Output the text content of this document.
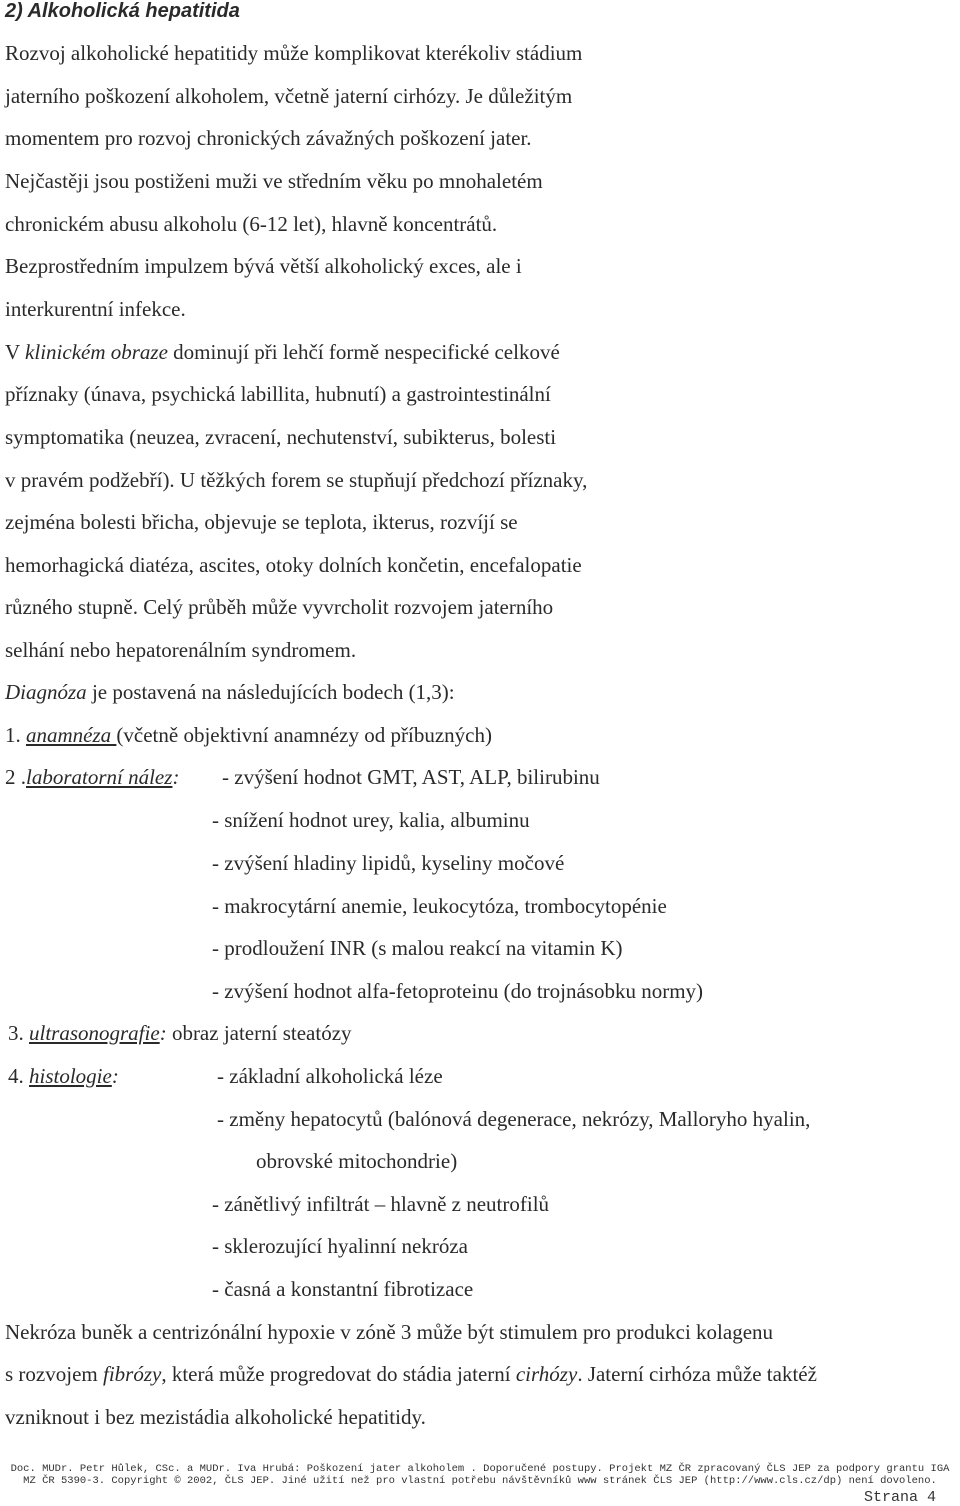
2) Alkoholická hepatitida
Rozvoj alkoholické hepatitidy může komplikovat kterékoliv stádium
jaterního poškození alkoholem, včetně jaterní cirhózy. Je důležitým
momentem pro rozvoj chronických závažných poškození jater.
Nejčastěji jsou postiženi muži ve středním věku po mnohaletém
chronickém abusu alkoholu (6-12 let), hlavně koncentrátů.
Bezprostředním impulzem bývá větší alkoholický exces, ale i
interkurentní infekce.
V klinickém obraze dominují při lehčí formě nespecifické celkové
příznaky (únava, psychická labillita, hubnutí) a gastrointestinální
symptomatika (neuzea, zvracení, nechutenství, subikterus, bolesti
v pravém podžebří). U těžkých forem se stupňují předchozí příznaky,
zejména bolesti břicha, objevuje se teplota, ikterus, rozvíjí se
hemorhagická diatéza, ascites, otoky dolních končetin, encefalopatie
různého stupně. Celý průběh může vyvrcholit rozvojem jaterního
selhání nebo hepatorenálním syndromem.
Diagnóza je postavená na následujících bodech (1,3):
1. anamnéza (včetně objektivní anamnézy od příbuzných)
2 .laboratorní nález: - zvýšení hodnot GMT, AST, ALP, bilirubinu
- snížení hodnot urey, kalia, albuminu
- zvýšení hladiny lipidů, kyseliny močové
- makrocytární anemie, leukocytóza, trombocytopénie
- prodloužení INR (s malou reakcí na vitamin K)
- zvýšení hodnot alfa-fetoproteinu (do trojnásobku normy)
3. ultrasonografie: obraz jaterní steatózy
4. histologie:	- základní alkoholická léze
- změny hepatocytů (balónová degenerace, nekrózy, Malloryho hyalin,
obrovské mitochondrie)
- zánětlivý infiltrát – hlavně z neutrofilů
- sklerozující hyalinní nekróza
- časná a konstantní fibrotizace
Nekróza buněk a centrizónální hypoxie v zóně 3 může být stimulem pro produkci kolagenu
s rozvojem fibrózy, která může progredovat do stádia jaterní cirhózy. Jaterní cirhóza může taktéž
vzniknout i bez mezistádia alkoholické hepatitidy.
Doc. MUDr. Petr Hůlek, CSc. a MUDr. Iva Hrubá: Poškození jater alkoholem . Doporučené postupy. Projekt MZ ČR zpracovaný ČLS JEP za podpory grantu IGA
MZ ČR 5390-3. Copyright © 2002, ČLS JEP. Jiné užití než pro vlastní potřebu návštěvníků www stránek ČLS JEP (http://www.cls.cz/dp) není dovoleno.
Strana 4
